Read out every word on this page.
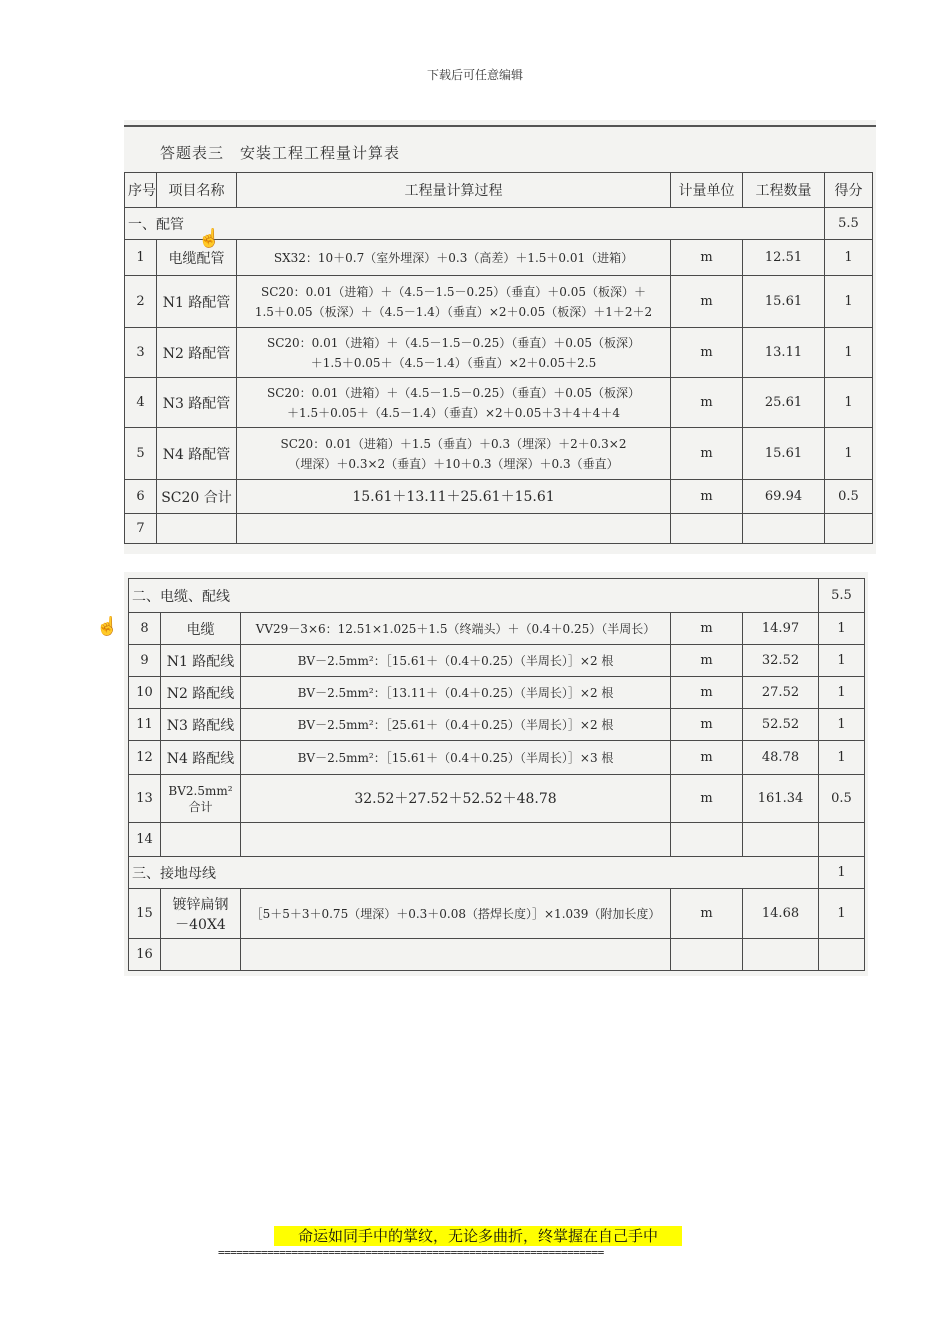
下载后可任意编辑
答题表三　安装工程工程量计算表
序号	项目名称	工程量计算过程	计量单位	工程数量	得分
一、配管					5.5
1	电缆配管	SX32：10＋0.7（室外埋深）＋0.3（高差）＋1.5＋0.01（进箱）	m	12.51	1
2	N1 路配管	SC20：0.01（进箱）＋（4.5－1.5－0.25）（垂直）＋0.05（板深）＋
1.5＋0.05（板深）＋（4.5－1.4）（垂直）×2＋0.05（板深）＋1＋2＋2	m	15.61	1
3	N2 路配管	SC20：0.01（进箱）＋（4.5－1.5－0.25）（垂直）＋0.05（板深）
＋1.5＋0.05＋（4.5－1.4）（垂直）×2＋0.05＋2.5	m	13.11	1
4	N3 路配管	SC20：0.01（进箱）＋（4.5－1.5－0.25）（垂直）＋0.05（板深）
＋1.5＋0.05＋（4.5－1.4）（垂直）×2＋0.05＋3＋4＋4＋4	m	25.61	1
5	N4 路配管	SC20：0.01（进箱）＋1.5（垂直）＋0.3（埋深）＋2＋0.3×2
（埋深）＋0.3×2（垂直）＋10＋0.3（埋深）＋0.3（垂直）	m	15.61	1
6	SC20 合计	15.61＋13.11＋25.61＋15.61	m	69.94	0.5
7					
☝
二、电缆、配线					5.5
8	电缆	VV29－3×6：12.51×1.025＋1.5（终端头）＋（0.4＋0.25）（半周长）	m	14.97	1
9	N1 路配线	BV－2.5mm²：［15.61＋（0.4＋0.25）（半周长）］×2 根	m	32.52	1
10	N2 路配线	BV－2.5mm²：［13.11＋（0.4＋0.25）（半周长）］×2 根	m	27.52	1
11	N3 路配线	BV－2.5mm²：［25.61＋（0.4＋0.25）（半周长）］×2 根	m	52.52	1
12	N4 路配线	BV－2.5mm²：［15.61＋（0.4＋0.25）（半周长）］×3 根	m	48.78	1
13	BV2.5mm²
合计	32.52＋27.52＋52.52＋48.78	m	161.34	0.5
14					
三、接地母线					1
15	镀锌扁钢
－40X4	［5＋5＋3＋0.75（埋深）＋0.3＋0.08（搭焊长度）］×1.039（附加长度）	m	14.68	1
16					
☝
命运如同手中的掌纹，无论多曲折，终掌握在自己手中
===============================================================
